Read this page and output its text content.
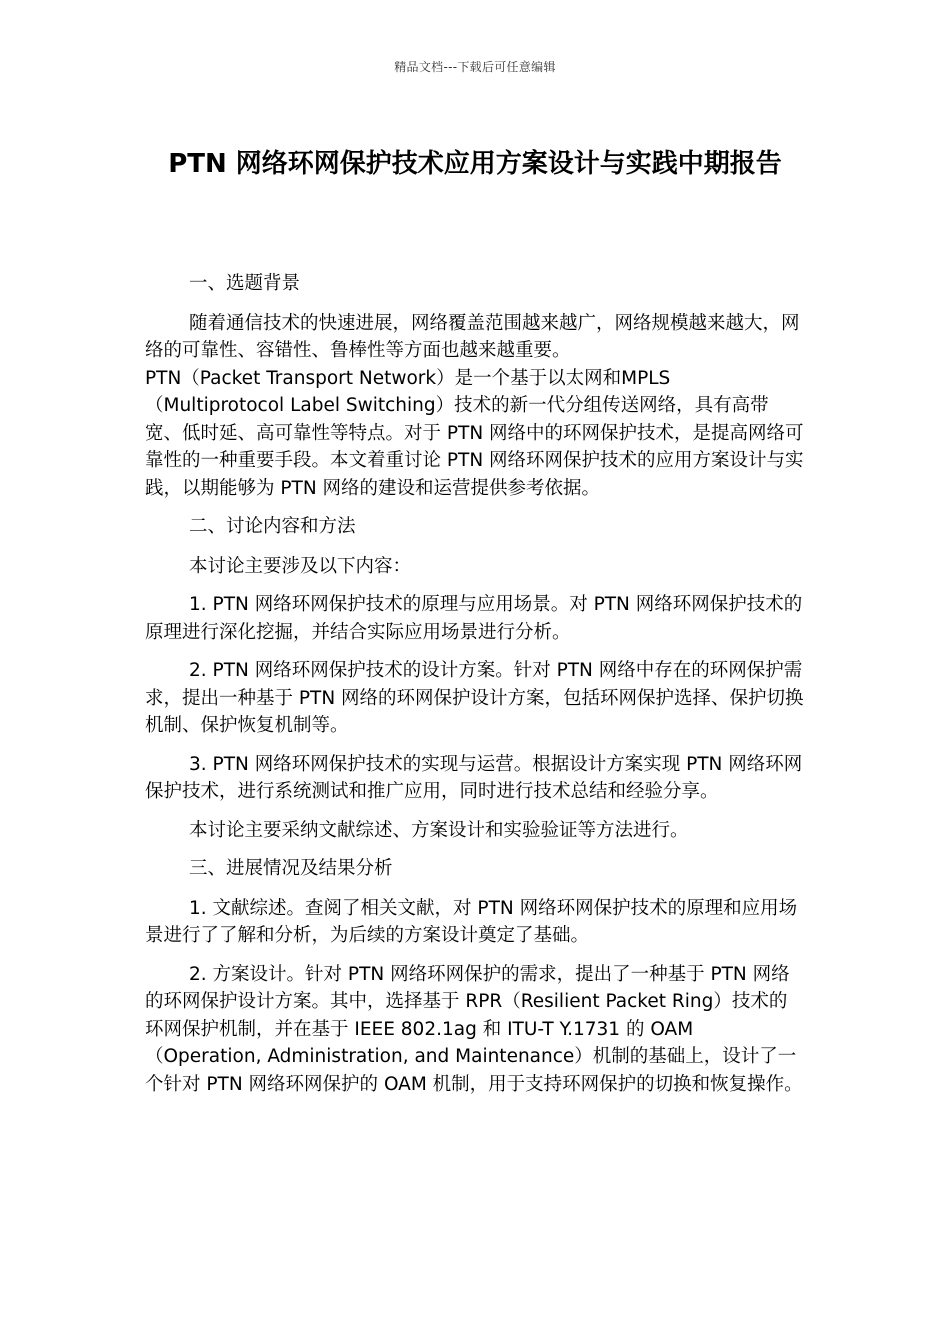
精品文档---下载后可任意编辑
PTN 网络环网保护技术应用方案设计与实践中期报告

一、选题背景

随着通信技术的快速进展，网络覆盖范围越来越广，网络规模越来越大，网络的可靠性、容错性、鲁棒性等方面也越来越重要。

PTN（Packet Transport Network）是一个基于以太网和MPLS（Multiprotocol Label Switching）技术的新一代分组传送网络，具有高带宽、低时延、高可靠性等特点。对于 PTN 网络中的环网保护技术，是提高网络可靠性的一种重要手段。本文着重讨论 PTN 网络环网保护技术的应用方案设计与实践，以期能够为 PTN 网络的建设和运营提供参考依据。

二、讨论内容和方法

本讨论主要涉及以下内容：

1. PTN 网络环网保护技术的原理与应用场景。对 PTN 网络环网保护技术的原理进行深化挖掘，并结合实际应用场景进行分析。

2. PTN 网络环网保护技术的设计方案。针对 PTN 网络中存在的环网保护需求，提出一种基于 PTN 网络的环网保护设计方案，包括环网保护选择、保护切换机制、保护恢复机制等。

3. PTN 网络环网保护技术的实现与运营。根据设计方案实现 PTN 网络环网保护技术，进行系统测试和推广应用，同时进行技术总结和经验分享。

本讨论主要采纳文献综述、方案设计和实验验证等方法进行。

三、进展情况及结果分析

1. 文献综述。查阅了相关文献，对 PTN 网络环网保护技术的原理和应用场景进行了了解和分析，为后续的方案设计奠定了基础。

2. 方案设计。针对 PTN 网络环网保护的需求，提出了一种基于 PTN 网络的环网保护设计方案。其中，选择基于 RPR（Resilient Packet Ring）技术的环网保护机制，并在基于 IEEE 802.1ag 和 ITU-T Y.1731 的 OAM（Operation, Administration, and Maintenance）机制的基础上，设计了一个针对 PTN 网络环网保护的 OAM 机制，用于支持环网保护的切换和恢复操作。
